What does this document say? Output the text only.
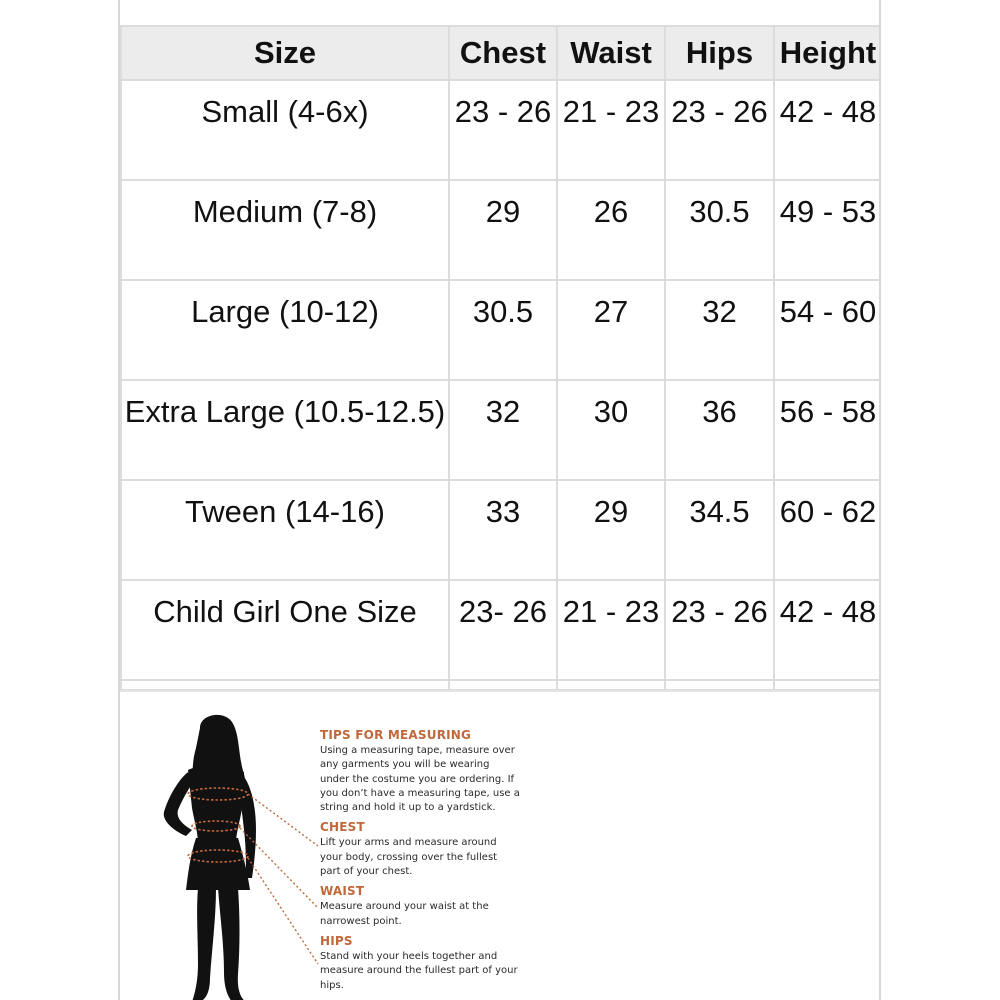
Size	Chest	Waist	Hips	Height
Small (4-6x)	23 - 26	21 - 23	23 - 26	42 - 48
Medium (7-8)	29	26	30.5	49 - 53
Large (10-12)	30.5	27	32	54 - 60
Extra Large (10.5-12.5)	32	30	36	56 - 58
Tween (14-16)	33	29	34.5	60 - 62
Child Girl One Size	23- 26	21 - 23	23 - 26	42 - 48

TIPS FOR MEASURING
Using a measuring tape, measure over any garments you will be wearing under the costume you are ordering. If you don’t have a measuring tape, use a string and hold it up to a yardstick.
CHEST
Lift your arms and measure around your body, crossing over the fullest part of your chest.
WAIST
Measure around your waist at the narrowest point.
HIPS
Stand with your heels together and measure around the fullest part of your hips.
